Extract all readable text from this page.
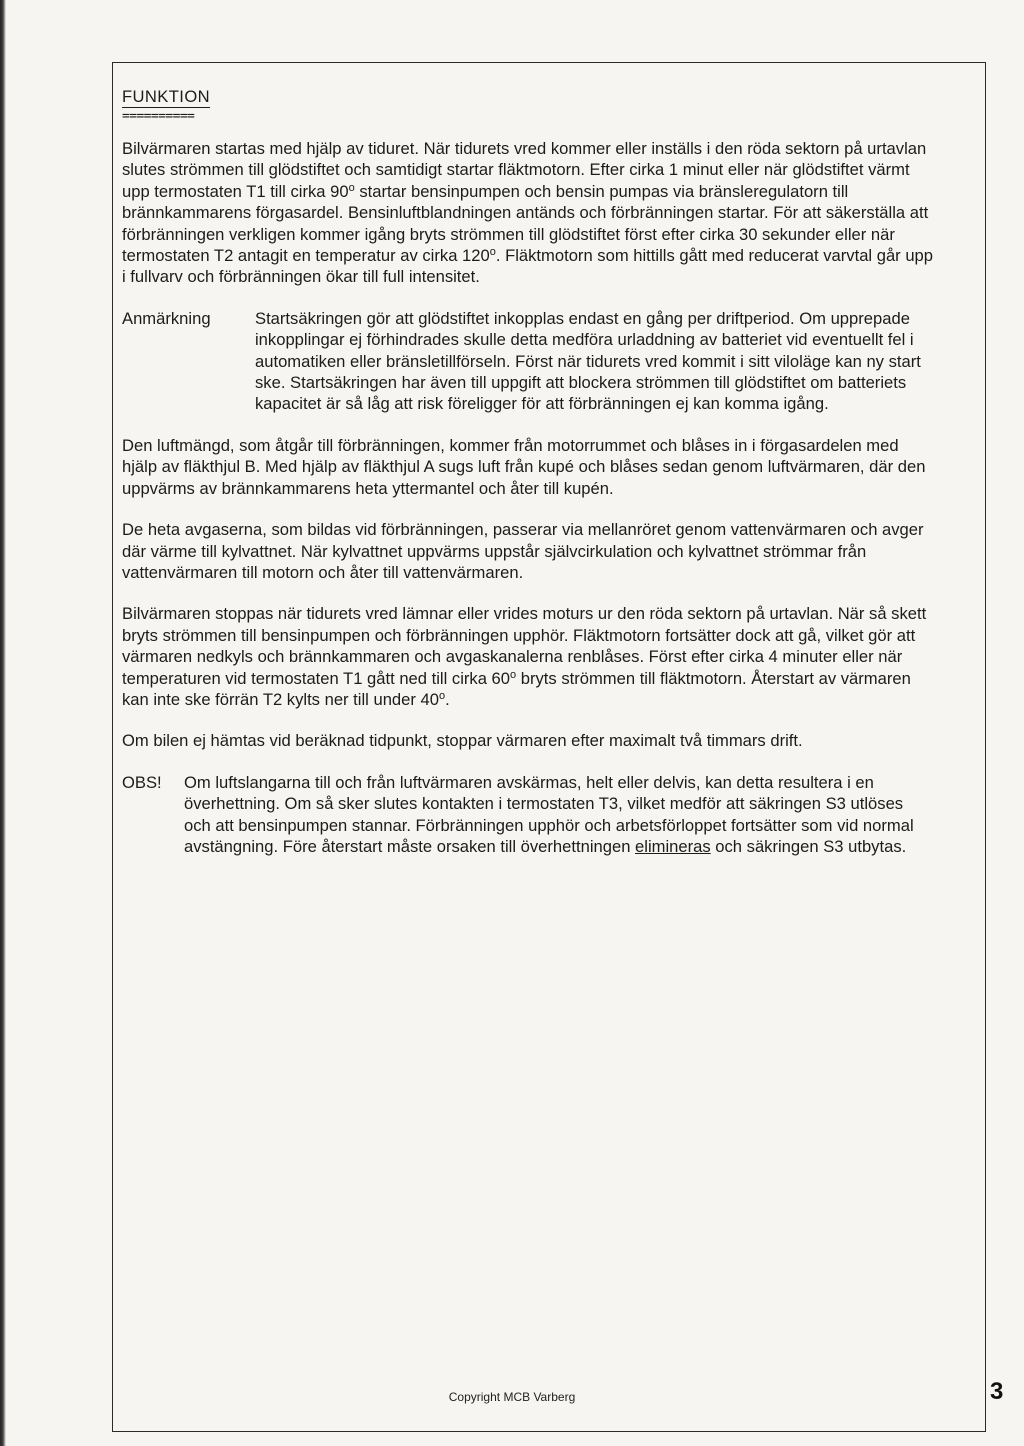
FUNKTION
==========

Bilvärmaren startas med hjälp av tiduret. När tidurets vred kommer eller inställs i den röda sektorn på urtavlan slutes strömmen till glödstiftet och samtidigt startar fläktmotorn. Efter cirka 1 minut eller när glödstiftet värmt upp termostaten T1 till cirka 90$^o$ startar bensinpumpen och bensin pumpas via bränsleregulatorn till brännkammarens förgasardel. Bensinluftblandningen antänds och förbränningen startar. För att säkerställa att förbränningen verkligen kommer igång bryts strömmen till glödstiftet först efter cirka 30 sekunder eller när termostaten T2 antagit en temperatur av cirka 120$^o$. Fläktmotorn som hittills gått med reducerat varvtal går upp i fullvarv och förbränningen ökar till full intensitet.

Anmärkning	Startsäkringen gör att glödstiftet inkopplas endast en gång per driftperiod. Om upprepade inkopplingar ej förhindrades skulle detta medföra urladdning av batteriet vid eventuellt fel i automatiken eller bränsletillförseln. Först när tidurets vred kommit i sitt viloläge kan ny start ske. Startsäkringen har även till uppgift att blockera strömmen till glödstiftet om batteriets kapacitet är så låg att risk föreligger för att förbränningen ej kan komma igång.

Den luftmängd, som åtgår till förbränningen, kommer från motorrummet och blåses in i förgasardelen med hjälp av fläkthjul B. Med hjälp av fläkthjul A sugs luft från kupé och blåses sedan genom luftvärmaren, där den uppvärms av brännkammarens heta yttermantel och åter till kupén.

De heta avgaserna, som bildas vid förbränningen, passerar via mellanröret genom vattenvärmaren och avger där värme till kylvattnet. När kylvattnet uppvärms uppstår självcirkulation och kylvattnet strömmar från vattenvärmaren till motorn och åter till vattenvärmaren.

Bilvärmaren stoppas när tidurets vred lämnar eller vrides moturs ur den röda sektorn på urtavlan. När så skett bryts strömmen till bensinpumpen och förbränningen upphör. Fläktmotorn fortsätter dock att gå, vilket gör att värmaren nedkyls och brännkammaren och avgaskanalerna renblåses. Först efter cirka 4 minuter eller när temperaturen vid termostaten T1 gått ned till cirka 60$^o$ bryts strömmen till fläktmotorn. Återstart av värmaren kan inte ske förrän T2 kylts ner till under 40$^o$.

Om bilen ej hämtas vid beräknad tidpunkt, stoppar värmaren efter maximalt två timmars drift.

OBS!	Om luftslangarna till och från luftvärmaren avskärmas, helt eller delvis, kan detta resultera i en överhettning. Om så sker slutes kontakten i termostaten T3, vilket medför att säkringen S3 utlöses och att bensinpumpen stannar. Förbränningen upphör och arbetsförloppet fortsätter som vid normal avstängning. Före återstart måste orsaken till överhettningen elimineras och säkringen S3 utbytas.
Copyright MCB Varberg	3
